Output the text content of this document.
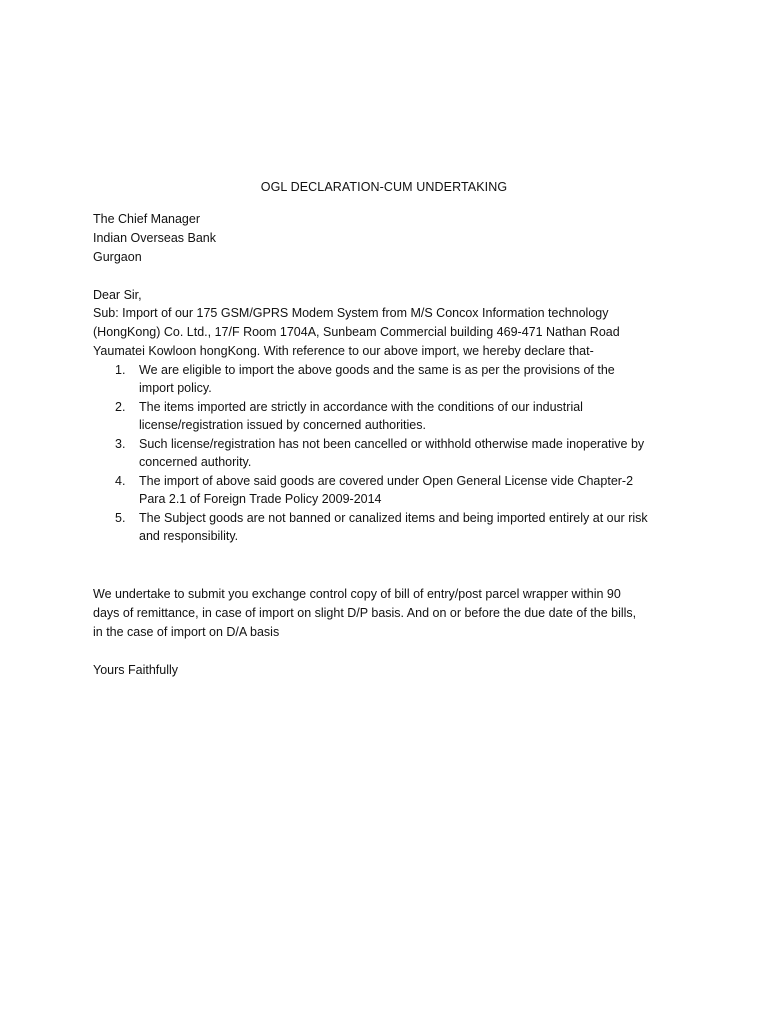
OGL DECLARATION-CUM UNDERTAKING
The Chief Manager
Indian Overseas Bank
Gurgaon
Dear Sir,
Sub: Import of our 175 GSM/GPRS Modem System from M/S Concox Information technology
(HongKong) Co. Ltd., 17/F Room 1704A, Sunbeam Commercial building 469-471 Nathan Road
Yaumatei Kowloon hongKong. With reference to our above import, we hereby declare that-
1. We are eligible to import the above goods and the same is as per the provisions of the
import policy.
2. The items imported are strictly in accordance with the conditions of our industrial
license/registration issued by concerned authorities.
3. Such license/registration has not been cancelled or withhold otherwise made inoperative by
concerned authority.
4. The import of above said goods are covered under Open General License vide Chapter-2
Para 2.1 of Foreign Trade Policy 2009-2014
5. The Subject goods are not banned or canalized items and being imported entirely at our risk
and responsibility.
We undertake to submit you exchange control copy of bill of entry/post parcel wrapper within 90
days of remittance, in case of import on slight D/P basis. And on or before the due date of the bills,
in the case of import on D/A basis
Yours Faithfully
